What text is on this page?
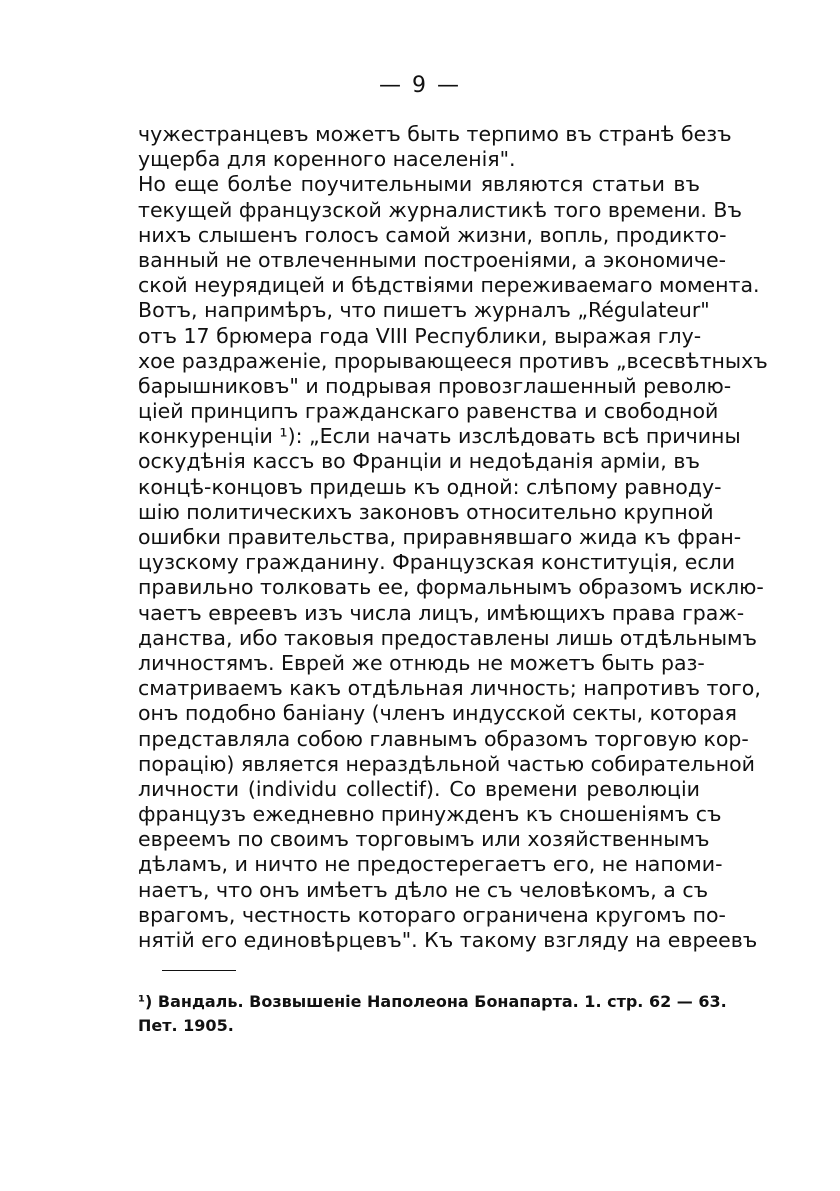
— 9 —
чужестранцевъ можетъ быть терпимо въ странѣ безъ
ущерба для коренного населенія".
Но еще болѣе поучительными являются статьи въ
текущей французской журналистикѣ того времени. Въ
нихъ слышенъ голосъ самой жизни, вопль, продикто-
ванный не отвлеченными построеніями, а экономиче-
ской неурядицей и бѣдствіями переживаемаго момента.
Вотъ, напримѣръ, что пишетъ журналъ „Régulateur"
отъ 17 брюмера года VIII Республики, выражая глу-
хое раздраженіе, прорывающееся противъ „всесвѣтныхъ
барышниковъ" и подрывая провозглашенный револю-
ціей принципъ гражданскаго равенства и свободной
конкуренціи ¹): „Если начать изслѣдовать всѣ причины
оскудѣнія кассъ во Франціи и недоѣданія арміи, въ
концѣ-концовъ придешь къ одной: слѣпому равноду-
шію политическихъ законовъ относительно крупной
ошибки правительства, приравнявшаго жида къ фран-
цузскому гражданину. Французская конституція, если
правильно толковать ее, формальнымъ образомъ исклю-
чаетъ евреевъ изъ числа лицъ, имѣющихъ права граж-
данства, ибо таковыя предоставлены лишь отдѣльнымъ
личностямъ. Еврей же отнюдь не можетъ быть раз-
сматриваемъ какъ отдѣльная личность; напротивъ того,
онъ подобно баніану (членъ индусской секты, которая
представляла собою главнымъ образомъ торговую кор-
порацію) является нераздѣльной частью собирательной
личности (individu collectif). Со времени революціи
французъ ежедневно принужденъ къ сношеніямъ съ
евреемъ по своимъ торговымъ или хозяйственнымъ
дѣламъ, и ничто не предостерегаетъ его, не напоми-
наетъ, что онъ имѣетъ дѣло не съ человѣкомъ, а съ
врагомъ, честность котораго ограничена кругомъ по-
нятій его единовѣрцевъ". Къ такому взгляду на евреевъ
¹) Вандаль. Возвышеніе Наполеона Бонапарта. 1. стр. 62 — 63.
Пет. 1905.
